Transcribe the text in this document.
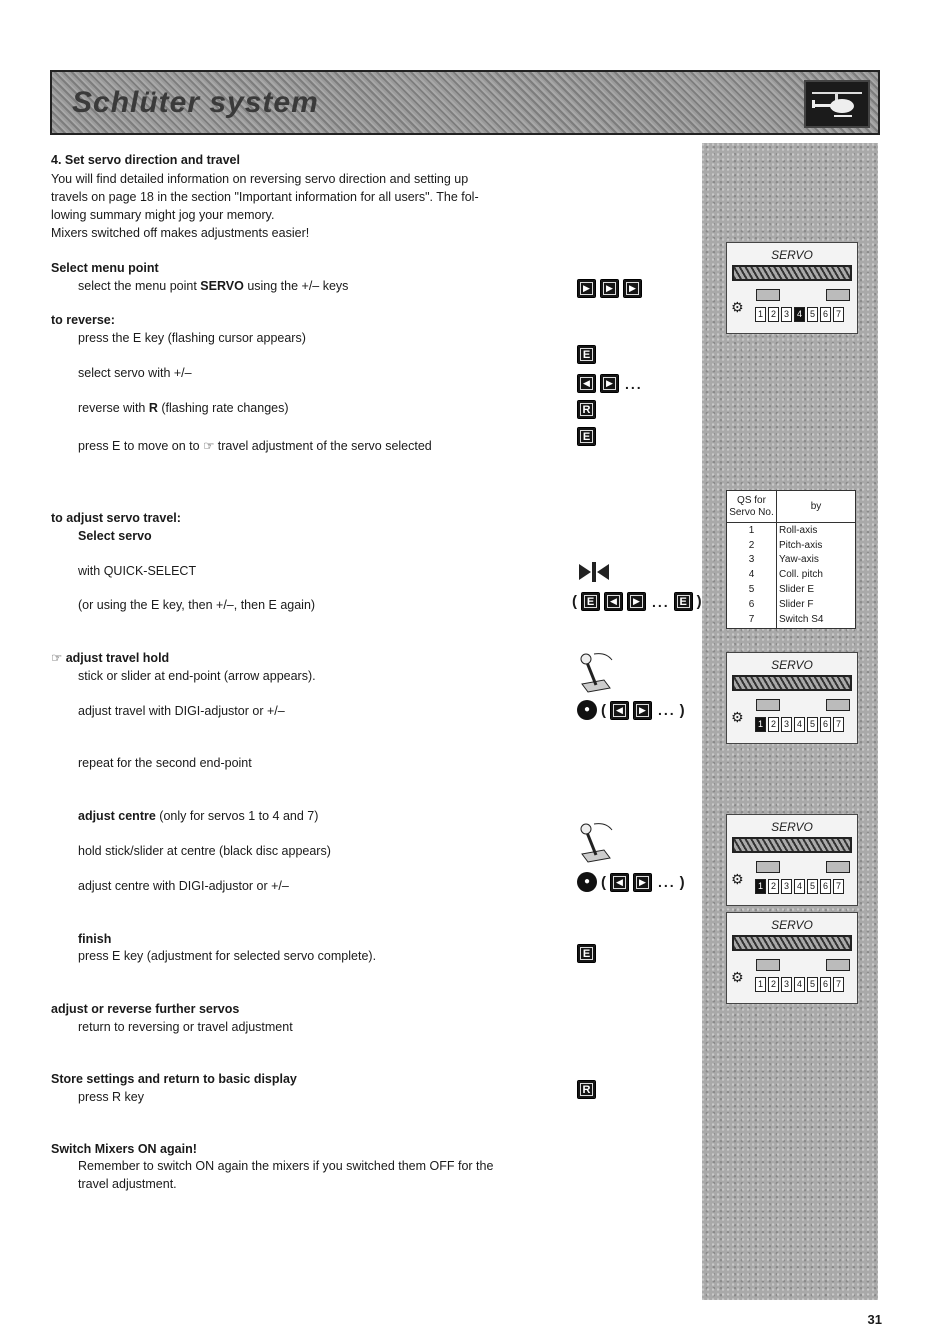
Schlüter system
4. Set servo direction and travel
You will find detailed information on reversing servo direction and setting up
travels on page 18 in the section "Important information for all users". The fol-
lowing summary might jog your memory.
Mixers switched off makes adjustments easier!
Select menu point
select the menu point SERVO using the +/– keys	▶	▶	▶
to reverse:
press the E key (flashing cursor appears)
E
select servo with +/–
◀	▶ ...
reverse with R (flashing rate changes)	R
press E to move on to ☞ travel adjustment of the servo selected
E
SERVO
⚙	1 2 3 4 5 6 7
to adjust servo travel:
Select servo
with QUICK-SELECT
(or using the E key, then +/–, then E again)	( E	◀	▶ ... E )
QS for Servo No.	by
1	Roll-axis
2	Pitch-axis
3	Yaw-axis
4	Coll. pitch
5	Slider E
6	Slider F
7	Switch S4
☞ adjust travel hold
stick or slider at end-point (arrow appears).
adjust travel with DIGI-adjustor or +/–	● (	◀	▶ ... )
repeat for the second end-point
SERVO
⚙	1 2 3 4 5 6 7
adjust centre (only for servos 1 to 4 and 7)
hold stick/slider at centre (black disc appears)
adjust centre with DIGI-adjustor or +/–	● (	◀	▶ ... )
SERVO
⚙	1 2 3 4 5 6 7
SERVO
⚙	1 2 3 4 5 6 7
finish
press E key (adjustment for selected servo complete).	E
adjust or reverse further servos
return to reversing or travel adjustment
Store settings and return to basic display
press R key
R
Switch Mixers ON again!
Remember to switch ON again the mixers if you switched them OFF for the
travel adjustment.
31
